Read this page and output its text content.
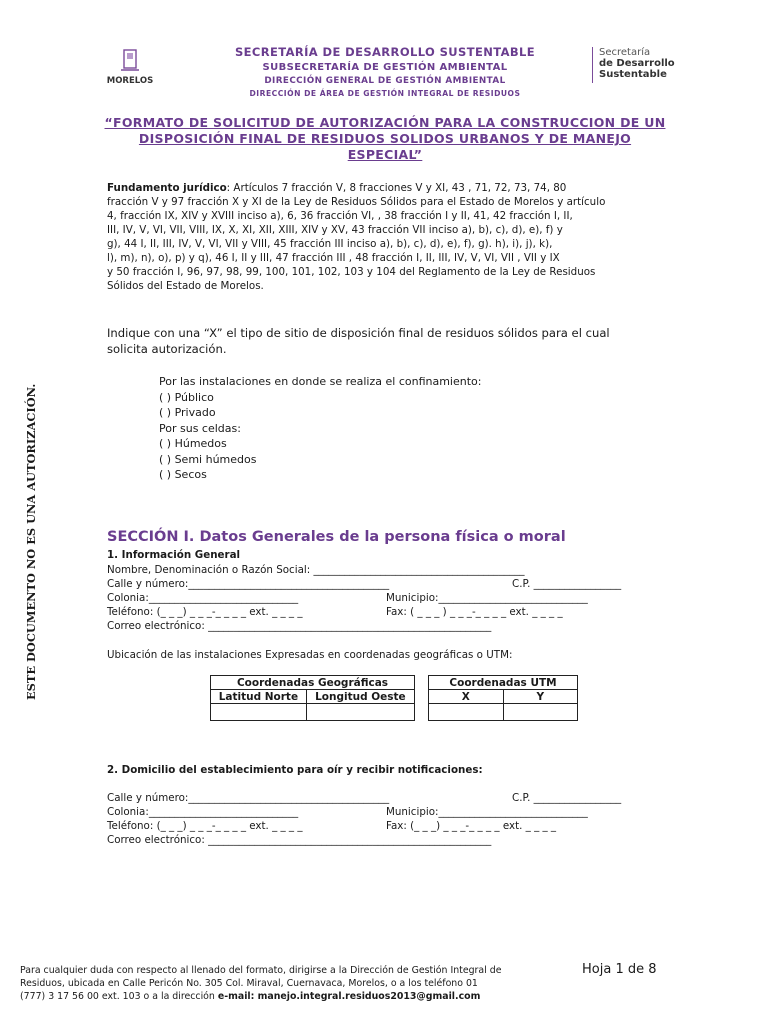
MORELOS
Secretaría
de Desarrollo
Sustentable
SECRETARÍA DE DESARROLLO SUSTENTABLE
SUBSECRETARÍA DE GESTIÓN AMBIENTAL
DIRECCIÓN GENERAL DE GESTIÓN AMBIENTAL
DIRECCIÓN DE ÁREA DE GESTIÓN INTEGRAL DE RESIDUOS
“FORMATO DE SOLICITUD DE AUTORIZACIÓN PARA LA CONSTRUCCION DE UN
DISPOSICIÓN FINAL DE RESIDUOS SOLIDOS URBANOS Y DE MANEJO
ESPECIAL”
Fundamento jurídico: Artículos 7 fracción V, 8 fracciones V y XI, 43 , 71, 72, 73, 74, 80
fracción V y 97 fracción X y XI de la Ley de Residuos Sólidos para el Estado de Morelos y artículo
4, fracción IX, XIV y XVIII inciso a), 6, 36 fracción VI, , 38 fracción I y II, 41, 42 fracción I, II,
III, IV, V, VI, VII, VIII, IX, X, XI, XII, XIII, XIV y XV, 43 fracción VII inciso a), b), c), d), e), f) y
g), 44 I, II, III, IV, V, VI, VII y VIII, 45 fracción III inciso a), b), c), d), e), f), g). h), i), j), k),
l), m), n), o), p) y q), 46 I, II y III, 47 fracción III , 48 fracción I, II, III, IV, V, VI, VII , VII y IX
y 50 fracción I, 96, 97, 98, 99, 100, 101, 102, 103 y 104 del Reglamento de la Ley de Residuos
Sólidos del Estado de Morelos.
Indique con una “X” el tipo de sitio de disposición final de residuos sólidos para el cual
solicita autorización.
Por las instalaciones en donde se realiza el confinamiento:
( ) Público
( ) Privado
Por sus celdas:
( ) Húmedos
( ) Semi húmedos
( ) Secos
ESTE DOCUMENTO NO ES UNA AUTORIZACIÓN.	SECCIÓN I. Datos Generales de la persona física o moral
1. Información General
Nombre, Denominación o Razón Social: _________________________________________
Calle y número:_______________________________________	C.P. _________________
Colonia:_____________________________	Municipio:_____________________________
Teléfono: (_ _ _) _ _ _-_ _ _ _ ext. _ _ _ _	Fax: ( _ _ _ ) _ _ _-_ _ _ _ ext. _ _ _ _
Correo electrónico: _______________________________________________________
Ubicación de las instalaciones Expresadas en coordenadas geográficas o UTM:
Coordenadas Geográficas	
Latitud Norte	Longitud Oeste

Coordenadas UTM	
X	Y

2. Domicilio del establecimiento para oír y recibir notificaciones:
Calle y número:_______________________________________	C.P. _________________
Colonia:_____________________________	Municipio:_____________________________
Teléfono: (_ _ _) _ _ _-_ _ _ _ ext. _ _ _ _	Fax: (_ _ _) _ _ _-_ _ _ _ ext. _ _ _ _
Correo electrónico: _______________________________________________________
Para cualquier duda con respecto al llenado del formato, dirigirse a la Dirección de Gestión Integral de
Residuos, ubicada en Calle Pericón No. 305 Col. Miraval, Cuernavaca, Morelos, o a los teléfono 01
(777) 3 17 56 00 ext. 103 o a la dirección e-mail: manejo.integral.residuos2013@gmail.com
Hoja 1 de 8
